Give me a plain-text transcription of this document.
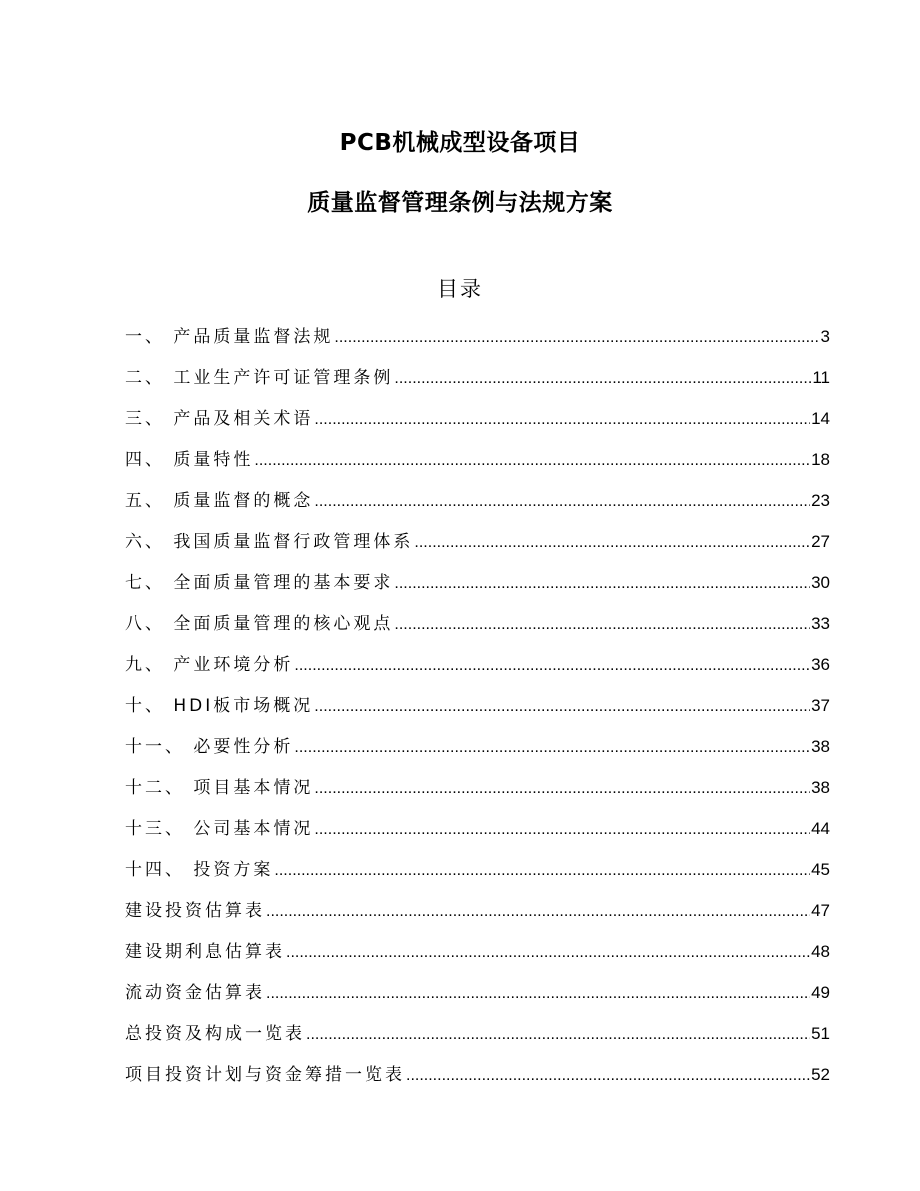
PCB机械成型设备项目
质量监督管理条例与法规方案
目录
一、 产品质量监督法规 .....	3
二、 工业生产许可证管理条例 .....	11
三、 产品及相关术语 .....	14
四、 质量特性 .....	18
五、 质量监督的概念 .....	23
六、 我国质量监督行政管理体系 .....	27
七、 全面质量管理的基本要求 .....	30
八、 全面质量管理的核心观点 .....	33
九、 产业环境分析 .....	36
十、 HDI板市场概况 .....	37
十一、 必要性分析 .....	38
十二、 项目基本情况 .....	38
十三、 公司基本情况 .....	44
十四、 投资方案 .....	45
建设投资估算表 .....	47
建设期利息估算表 .....	48
流动资金估算表 .....	49
总投资及构成一览表 .....	51
项目投资计划与资金筹措一览表 .....	52
